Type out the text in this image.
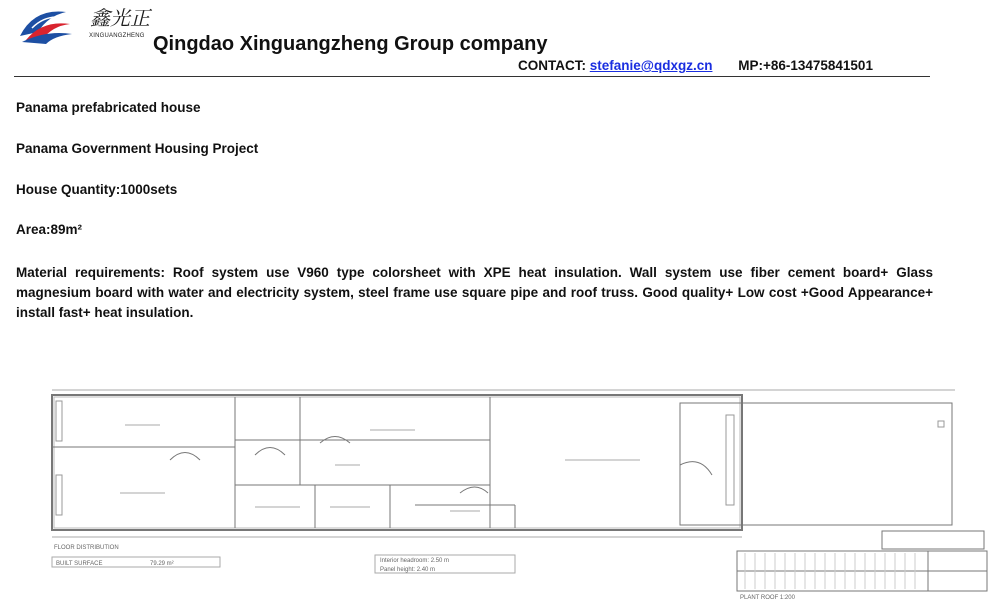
鑫光正
XINGUANGZHENG Qingdao Xinguangzheng Group company
CONTACT: stefanie@qdxgz.cn MP:+86-13475841501
Panama prefabricated house
Panama Government Housing Project
House Quantity:1000sets
Area:89m²
Material requirements: Roof system use V960 type colorsheet with XPE heat insulation. Wall system use fiber cement board+ Glass magnesium board with water and electricity system, steel frame use square pipe and roof truss. Good quality+ Low cost +Good Appearance+ install fast+ heat insulation.
FLOOR DISTRIBUTION
BUILT SURFACE	79.29 m²	Interior headroom: 2.50 m
Panel height: 2.40 m
PLANT ROOF 1:200
